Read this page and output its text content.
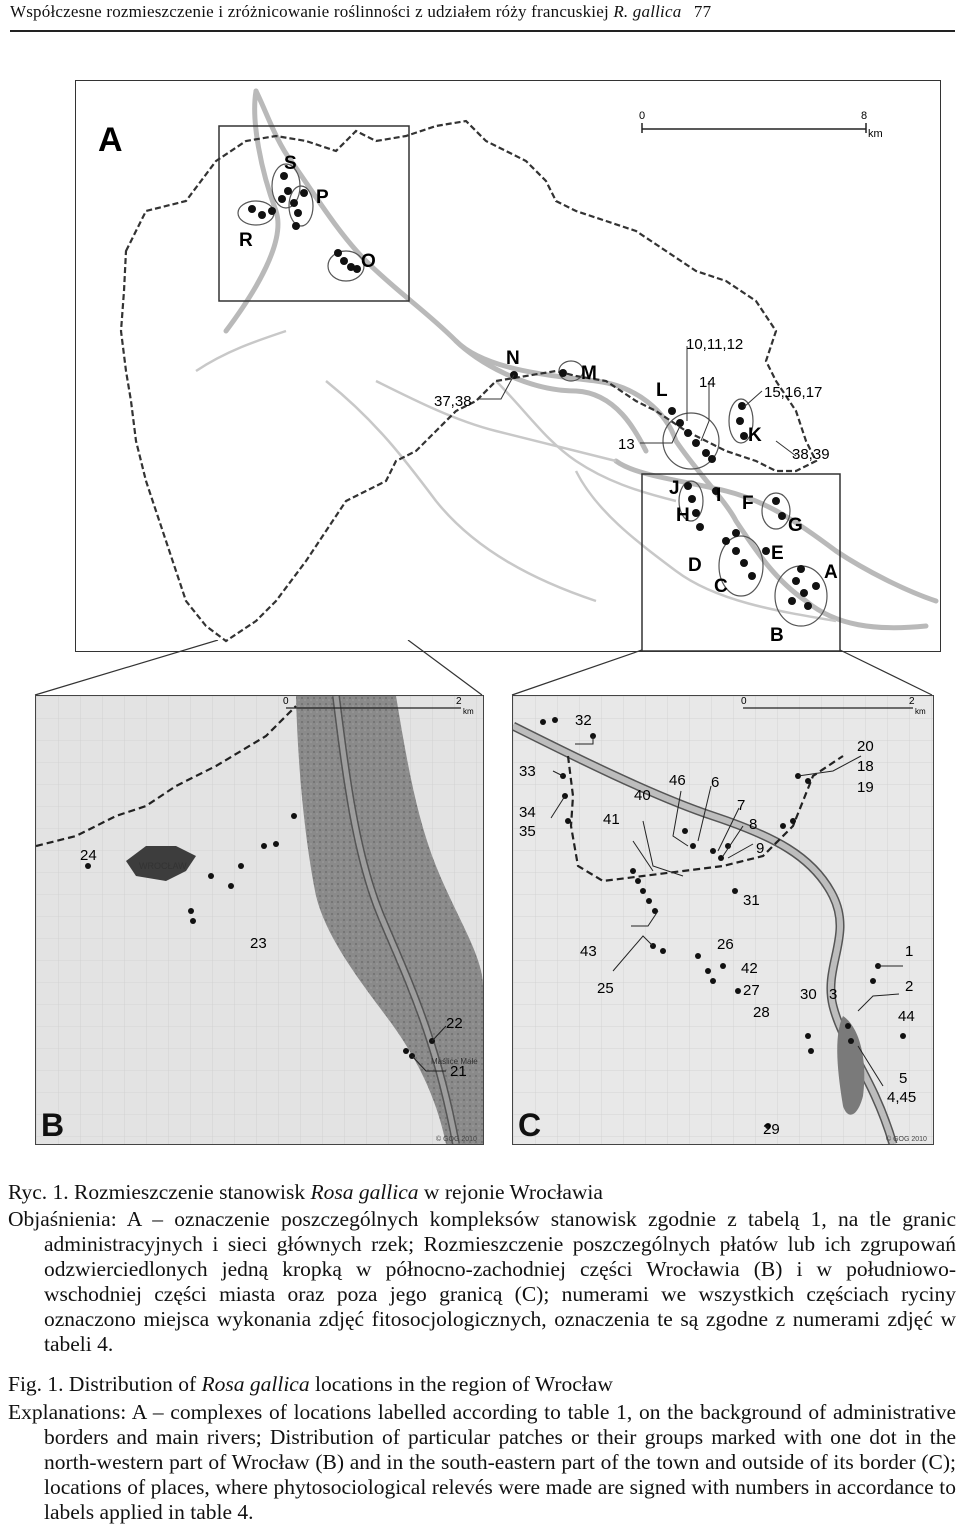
Współczesne rozmieszczenie i zróżnicowanie roślinności z udziałem róży francuskiej R. gallica 77
0	8
km
A
S
P
R
O
N
M
L
K
J I
H
F
G
E
D
C
A
B
10,11,12
14
15,16,17
37,38
13
38,39
WROCŁAW
Maślice Małe
0	2
km
24
23
22
21
B	© GOG 2010
0	2
km
32
20
18
19
33
46 6
40
7
34
35
41	8
9
31
26	1
43
42
25	27	30 3	2
28	44
5
4,45
29
C	© GOG 2010
Ryc. 1. Rozmieszczenie stanowisk Rosa gallica w rejonie Wrocławia
Objaśnienia: A – oznaczenie poszczególnych kompleksów stanowisk zgodnie z tabelą 1, na tle granic administracyjnych i sieci głównych rzek; Rozmieszczenie poszczególnych płatów lub ich zgrupowań odzwierciedlonych jedną kropką w północno-zachodniej części Wrocławia (B) i w południowo-wschodniej części miasta oraz poza jego granicą (C); numerami we wszystkich częściach ryciny oznaczono miejsca wykonania zdjęć fitosocjologicznych, oznaczenia te są zgodne z numerami zdjęć w tabeli 4.
Fig. 1. Distribution of Rosa gallica locations in the region of Wrocław
Explanations: A – complexes of locations labelled according to table 1, on the background of administrative borders and main rivers; Distribution of particular patches or their groups marked with one dot in the north-western part of Wrocław (B) and in the south-eastern part of the town and outside of its border (C); locations of places, where phytosociological relevés were made are signed with numbers in accordance to labels applied in table 4.
